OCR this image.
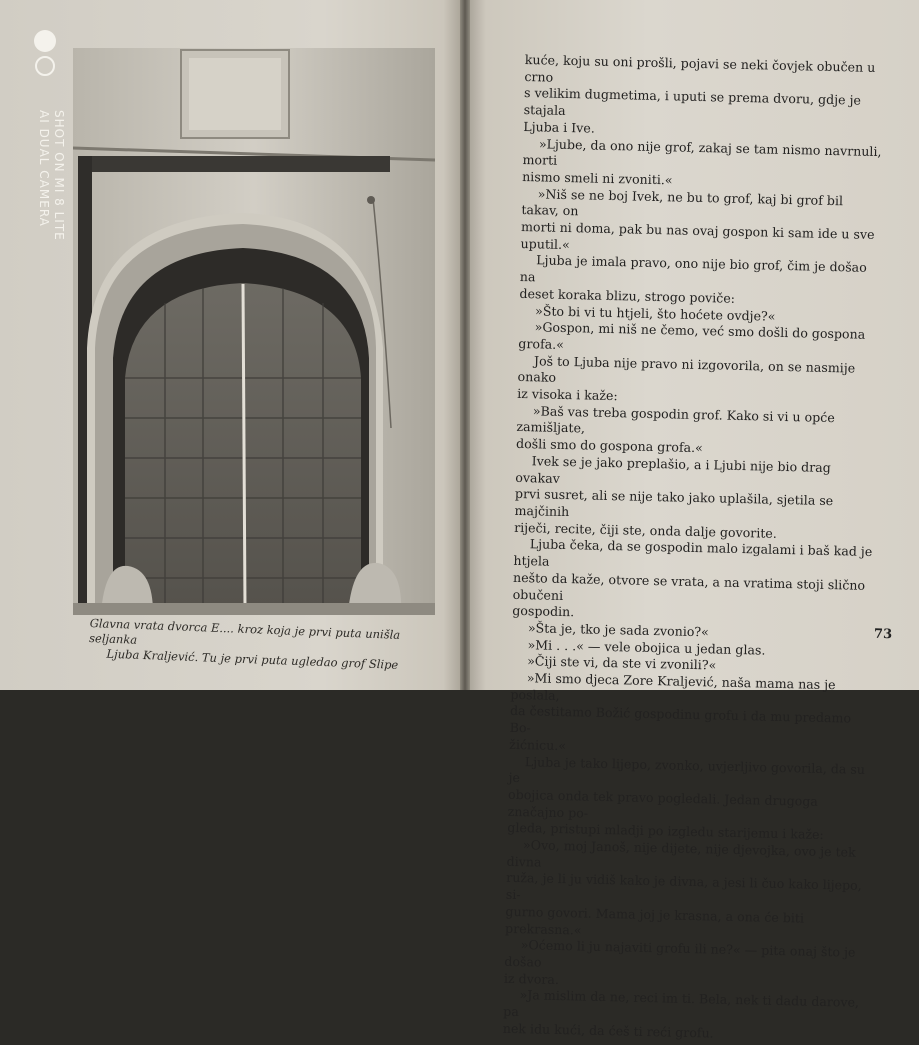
SHOT ON MI 8 LITE
AI DUAL CAMERA

Glavna vrata dvorca E.... kroz koja je prvi puta unišla seljanka

Ljuba Kraljević. Tu je prvi puta ugledao grof Slipe

kuće, koju su oni prošli, pojavi se neki čovjek obučen u crno

s velikim dugmetima, i uputi se prema dvoru, gdje je stajala

Ljuba i Ive.

»Ljube, da ono nije grof, zakaj se tam nismo navrnuli, morti

nismo smeli ni zvoniti.«

»Niš se ne boj Ivek, ne bu to grof, kaj bi grof bil takav, on

morti ni doma, pak bu nas ovaj gospon ki sam ide u sve uputil.«

Ljuba je imala pravo, ono nije bio grof, čim je došao na

deset koraka blizu, strogo poviče:

»Što bi vi tu htjeli, što hoćete ovdje?«

»Gospon, mi niš ne čemo, već smo došli do gospona grofa.«

Još to Ljuba nije pravo ni izgovorila, on se nasmije onako

iz visoka i kaže:

»Baš vas treba gospodin grof. Kako si vi u opće zamišljate,

došli smo do gospona grofa.«

Ivek se je jako preplašio, a i Ljubi nije bio drag ovakav

prvi susret, ali se nije tako jako uplašila, sjetila se majčinih

riječi, recite, čiji ste, onda dalje govorite.

Ljuba čeka, da se gospodin malo izgalami i baš kad je htjela

nešto da kaže, otvore se vrata, a na vratima stoji slično obučeni

gospodin.

»Šta je, tko je sada zvonio?«

»Mi . . .« — vele obojica u jedan glas.

»Čiji ste vi, da ste vi zvonili?«

»Mi smo djeca Zore Kraljević, naša mama nas je poslala,

da čestitamo Božić gospodinu grofu i da mu predamo Bo-

žićnicu.«

Ljuba je tako lijepo, zvonko, uvjerljivo govorila, da su je

obojica onda tek pravo pogledali. Jedan drugoga značajno po-

gleda, pristupi mladji po izgledu starijemu i kaže:

»Ovo, moj Janoš, nije dijete, nije djevojka, ovo je tek divna

ruža, je li ju vidiš kako je divna, a jesi li čuo kako lijepo, si-

gurno govori. Mama joj je krasna, a ona će biti prekrasna.«

»Oćemo li ju najaviti grofu ili ne?« — pita onaj što je došao

iz dvora.

»Ja mislim da ne, reci im ti. Bela, nek ti dadu darove, pa

nek idu kući, da ćeš ti reći grofu.

73
